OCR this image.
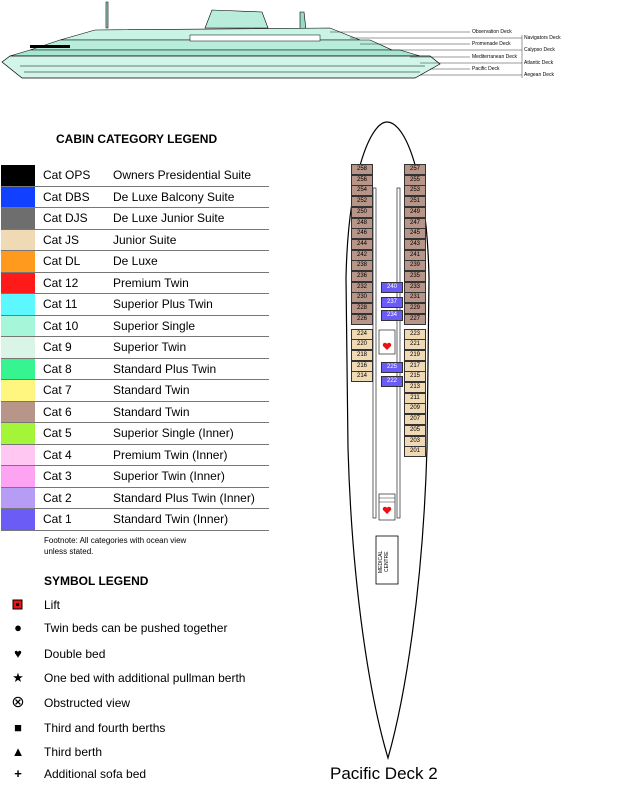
Observation Deck
Navigators Deck
Promenade Deck
Calypso Deck
Mediterranean Deck
Atlantic Deck
Pacific Deck
Aegean Deck
CABIN CATEGORY LEGEND
Cat OPS Owners Presidential Suite
Cat DBS De Luxe Balcony Suite
Cat DJS De Luxe Junior Suite
Cat JS	Junior Suite
Cat DL	De Luxe
Cat 12	Premium Twin
Cat 11	Superior Plus Twin
Cat 10	Superior Single
Cat 9	Superior Twin
Cat 8	Standard Plus Twin
Cat 7	Standard Twin
Cat 6	Standard Twin
Cat 5	Superior Single (Inner)
Cat 4	Premium Twin (Inner)
Cat 3	Superior Twin (Inner)
Cat 2	Standard Plus Twin (Inner)
Cat 1	Standard Twin (Inner)
Footnote: All categories with ocean view
unless stated.
SYMBOL LEGEND
Lift
●	Twin beds can be pushed together
♥	Double bed
★ One bed with additional pullman berth
⊗ Obstructed view
■	Third and fourth berths
▲ Third berth
+	Additional sofa bed
MEDICAL CENTRE
258
256
254
252
250
248
246
244
242
238
236
232
230
228
226
224
220
218
216
214
257
255
253
251
249
247
245
243
241
239
235
233
231
229
227
223
221
219
217
215
213
211
209
207
205
203
201
240
237
234
225
222
Pacific Deck 2
